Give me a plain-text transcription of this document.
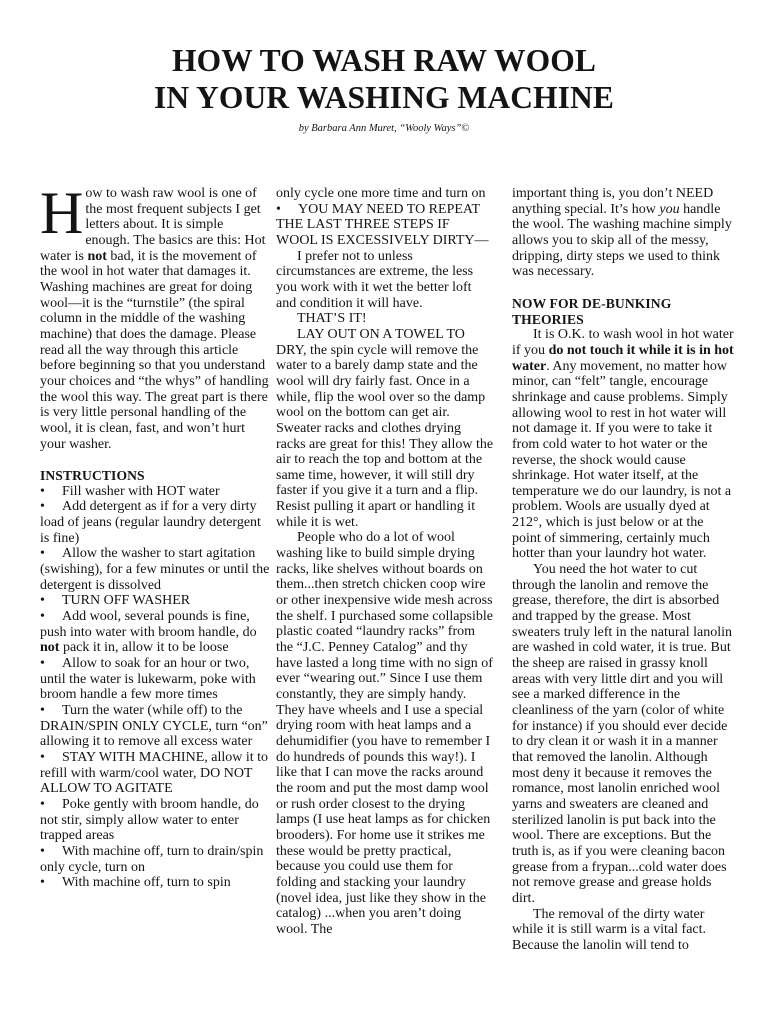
HOW TO WASH RAW WOOL
IN YOUR WASHING MACHINE
by Barbara Ann Muret, “Wooly Ways”©

How to wash raw wool is one of the most frequent subjects I get letters about. It is simple enough. The basics are this: Hot water is not bad, it is the movement of the wool in hot water that damages it. Washing machines are great for doing wool—it is the “turnstile” (the spiral column in the middle of the washing machine) that does the damage. Please read all the way through this article before beginning so that you understand your choices and “the whys” of handling the wool this way. The great part is there is very little personal handling of the wool, it is clean, fast, and won’t hurt your washer.

INSTRUCTIONS

• Fill washer with HOT water

• Add detergent as if for a very dirty load of jeans (regular laundry detergent is fine)

• Allow the washer to start agitation (swishing), for a few minutes or until the detergent is dissolved

• TURN OFF WASHER

• Add wool, several pounds is fine, push into water with broom handle, do not pack it in, allow it to be loose

• Allow to soak for an hour or two, until the water is lukewarm, poke with broom handle a few more times

• Turn the water (while off) to the DRAIN/SPIN ONLY CYCLE, turn “on” allowing it to remove all excess water

• STAY WITH MACHINE, allow it to refill with warm/cool water, DO NOT ALLOW TO AGITATE

• Poke gently with broom handle, do not stir, simply allow water to enter trapped areas

• With machine off, turn to drain/spin only cycle, turn on

• With machine off, turn to spin

only cycle one more time and turn on

• YOU MAY NEED TO REPEAT THE LAST THREE STEPS IF WOOL IS EXCESSIVELY DIRTY—

I prefer not to unless circumstances are extreme, the less you work with it wet the better loft and condition it will have.

THAT’S IT!

LAY OUT ON A TOWEL TO DRY, the spin cycle will remove the water to a barely damp state and the wool will dry fairly fast. Once in a while, flip the wool over so the damp wool on the bottom can get air. Sweater racks and clothes drying racks are great for this! They allow the air to reach the top and bottom at the same time, however, it will still dry faster if you give it a turn and a flip. Resist pulling it apart or handling it while it is wet.

People who do a lot of wool washing like to build simple drying racks, like shelves without boards on them...then stretch chicken coop wire or other inexpensive wide mesh across the shelf. I purchased some collapsible plastic coated “laundry racks” from the “J.C. Penney Catalog” and thy have lasted a long time with no sign of ever “wearing out.” Since I use them constantly, they are simply handy. They have wheels and I use a special drying room with heat lamps and a dehumidifier (you have to remember I do hundreds of pounds this way!). I like that I can move the racks around the room and put the most damp wool or rush order closest to the drying lamps (I use heat lamps as for chicken brooders). For home use it strikes me these would be pretty practical, because you could use them for folding and stacking your laundry (novel idea, just like they show in the catalog) ...when you aren’t doing wool. The

important thing is, you don’t NEED anything special. It’s how you handle the wool. The washing machine simply allows you to skip all of the messy, dripping, dirty steps we used to think was necessary.

NOW FOR DE-BUNKING THEORIES

It is O.K. to wash wool in hot water if you do not touch it while it is in hot water. Any movement, no matter how minor, can “felt” tangle, encourage shrinkage and cause problems. Simply allowing wool to rest in hot water will not damage it. If you were to take it from cold water to hot water or the reverse, the shock would cause shrinkage. Hot water itself, at the temperature we do our laundry, is not a problem. Wools are usually dyed at 212°, which is just below or at the point of simmering, certainly much hotter than your laundry hot water.

You need the hot water to cut through the lanolin and remove the grease, therefore, the dirt is absorbed and trapped by the grease. Most sweaters truly left in the natural lanolin are washed in cold water, it is true. But the sheep are raised in grassy knoll areas with very little dirt and you will see a marked difference in the cleanliness of the yarn (color of white for instance) if you should ever decide to dry clean it or wash it in a manner that removed the lanolin. Although most deny it because it removes the romance, most lanolin enriched wool yarns and sweaters are cleaned and sterilized lanolin is put back into the wool. There are exceptions. But the truth is, as if you were cleaning bacon grease from a frypan...cold water does not remove grease and grease holds dirt.

The removal of the dirty water while it is still warm is a vital fact. Because the lanolin will tend to
